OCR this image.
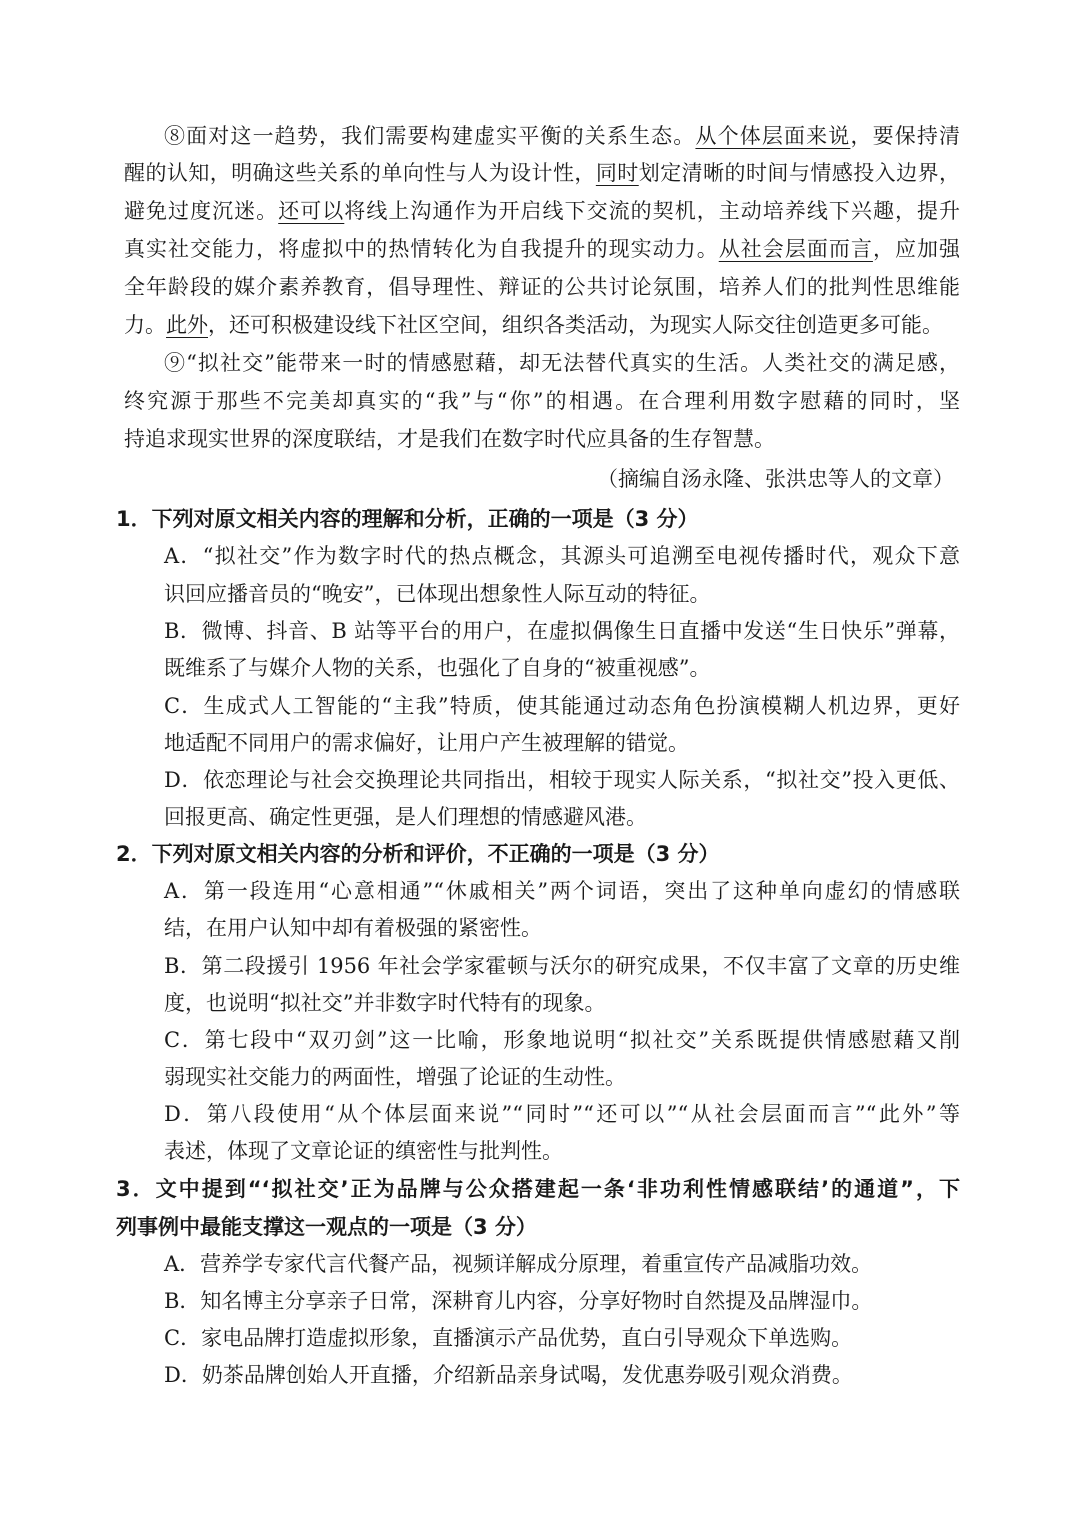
⑧面对这一趋势，我们需要构建虚实平衡的关系生态。从个体层面来说，要保持清
醒的认知，明确这些关系的单向性与人为设计性，同时划定清晰的时间与情感投入边界，
避免过度沉迷。还可以将线上沟通作为开启线下交流的契机，主动培养线下兴趣，提升
真实社交能力，将虚拟中的热情转化为自我提升的现实动力。从社会层面而言，应加强
全年龄段的媒介素养教育，倡导理性、辩证的公共讨论氛围，培养人们的批判性思维能
力。此外，还可积极建设线下社区空间，组织各类活动，为现实人际交往创造更多可能。
⑨“拟社交”能带来一时的情感慰藉，却无法替代真实的生活。人类社交的满足感，
终究源于那些不完美却真实的“我”与“你”的相遇。在合理利用数字慰藉的同时，坚
持追求现实世界的深度联结，才是我们在数字时代应具备的生存智慧。
（摘编自汤永隆、张洪忠等人的文章）
1．下列对原文相关内容的理解和分析，正确的一项是（3 分）
A．“拟社交”作为数字时代的热点概念，其源头可追溯至电视传播时代，观众下意
识回应播音员的“晚安”，已体现出想象性人际互动的特征。
B．微博、抖音、B 站等平台的用户，在虚拟偶像生日直播中发送“生日快乐”弹幕，
既维系了与媒介人物的关系，也强化了自身的“被重视感”。
C．生成式人工智能的“主我”特质，使其能通过动态角色扮演模糊人机边界，更好
地适配不同用户的需求偏好，让用户产生被理解的错觉。
D．依恋理论与社会交换理论共同指出，相较于现实人际关系，“拟社交”投入更低、
回报更高、确定性更强，是人们理想的情感避风港。
2．下列对原文相关内容的分析和评价，不正确的一项是（3 分）
A．第一段连用“心意相通”“休戚相关”两个词语，突出了这种单向虚幻的情感联
结，在用户认知中却有着极强的紧密性。
B．第二段援引 1956 年社会学家霍顿与沃尔的研究成果，不仅丰富了文章的历史维
度，也说明“拟社交”并非数字时代特有的现象。
C．第七段中“双刃剑”这一比喻，形象地说明“拟社交”关系既提供情感慰藉又削
弱现实社交能力的两面性，增强了论证的生动性。
D．第八段使用“从个体层面来说”“同时”“还可以”“从社会层面而言”“此外”等
表述，体现了文章论证的缜密性与批判性。
3．文中提到“‘拟社交’正为品牌与公众搭建起一条‘非功利性情感联结’的通道”，下
列事例中最能支撑这一观点的一项是（3 分）
A．营养学专家代言代餐产品，视频详解成分原理，着重宣传产品减脂功效。
B．知名博主分享亲子日常，深耕育儿内容，分享好物时自然提及品牌湿巾。
C．家电品牌打造虚拟形象，直播演示产品优势，直白引导观众下单选购。
D．奶茶品牌创始人开直播，介绍新品亲身试喝，发优惠券吸引观众消费。
